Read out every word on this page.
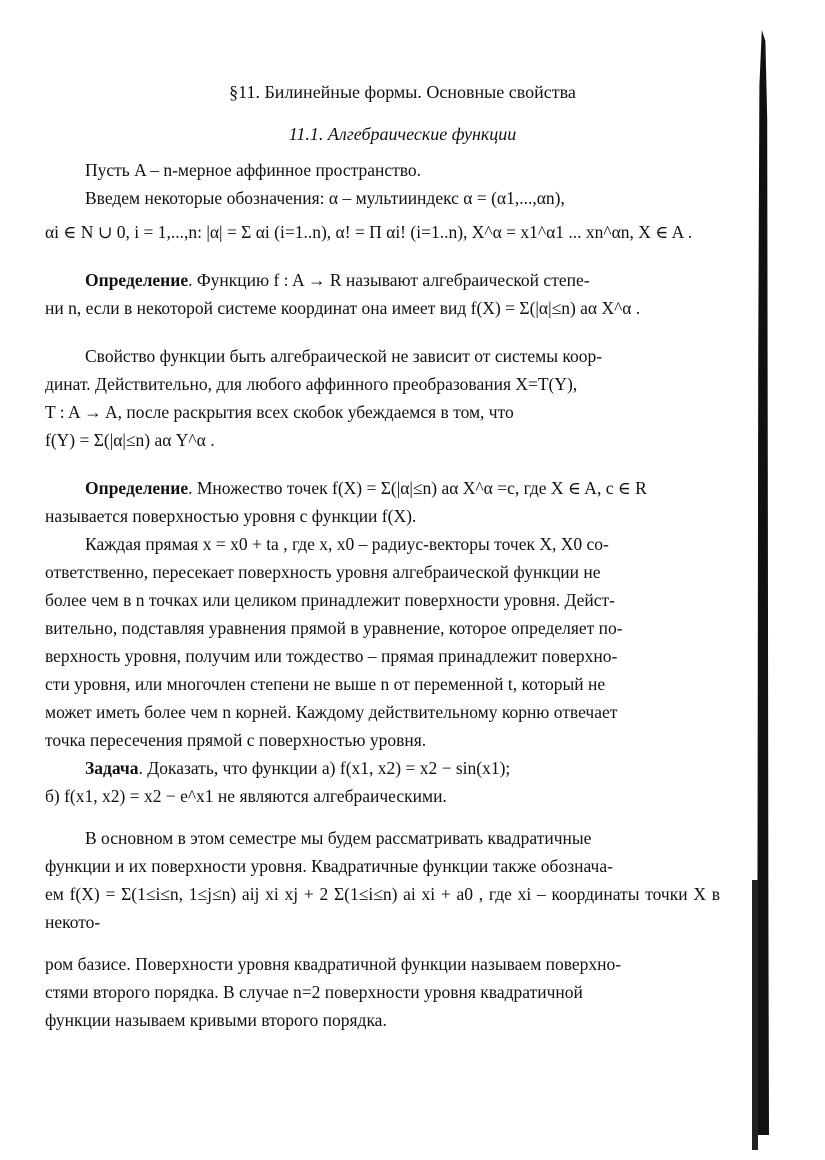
§11. Билинейные формы. Основные свойства
11.1. Алгебраические функции

Пусть A – n-мерное аффинное пространство.

Введем некоторые обозначения: α – мультииндекс α = (α1,...,αn),

αi ∈ N ∪ 0, i = 1,...,n: |α| = Σ αi (i=1..n), α! = Π αi! (i=1..n), X^α = x1^α1 ... xn^αn, X ∈ A .

Определение. Функцию f : A → R называют алгебраической степе-

ни n, если в некоторой системе координат она имеет вид f(X) = Σ(|α|≤n) aα X^α .

Свойство функции быть алгебраической не зависит от системы коор-

динат. Действительно, для любого аффинного преобразования X=T(Y),

T : A → A, после раскрытия всех скобок убеждаемся в том, что

f(Y) = Σ(|α|≤n) aα Y^α .

Определение. Множество точек f(X) = Σ(|α|≤n) aα X^α =c, где X ∈ A, c ∈ R

называется поверхностью уровня c функции f(X).

Каждая прямая x = x0 + ta , где x, x0 – радиус-векторы точек X, X0 со-

ответственно, пересекает поверхность уровня алгебраической функции не

более чем в n точках или целиком принадлежит поверхности уровня. Дейст-

вительно, подставляя уравнения прямой в уравнение, которое определяет по-

верхность уровня, получим или тождество – прямая принадлежит поверхно-

сти уровня, или многочлен степени не выше n от переменной t, который не

может иметь более чем n корней. Каждому действительному корню отвечает

точка пересечения прямой с поверхностью уровня.

Задача. Доказать, что функции а) f(x1, x2) = x2 − sin(x1);

б) f(x1, x2) = x2 − e^x1 не являются алгебраическими.

В основном в этом семестре мы будем рассматривать квадратичные

функции и их поверхности уровня. Квадратичные функции также обознача-

ем f(X) = Σ(1≤i≤n, 1≤j≤n) aij xi xj + 2 Σ(1≤i≤n) ai xi + a0 , где xi – координаты точки X в некото-

ром базисе. Поверхности уровня квадратичной функции называем поверхно-

стями второго порядка. В случае n=2 поверхности уровня квадратичной

функции называем кривыми второго порядка.
